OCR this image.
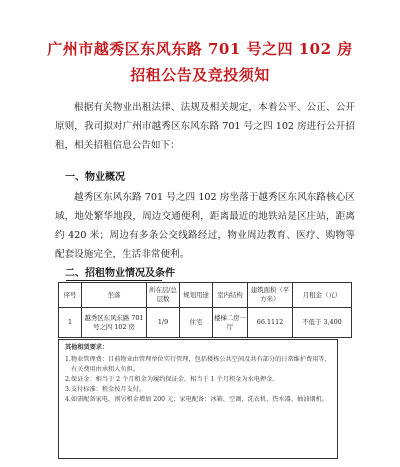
广州市越秀区东风东路 701 号之四 102 房
招租公告及竞投须知
根据有关物业出租法律、法规及相关规定，本着公平、公正、公开原则，我司拟对广州市越秀区东风东路 701 号之四 102 房进行公开招租，相关招租信息公告如下：
一、物业概况
越秀区东风东路 701 号之四 102 房坐落于越秀区东风东路核心区域，地处繁华地段，周边交通便利，距离最近的地铁站是区庄站，距离约 420 米；周边有多条公交线路经过，物业周边教育、医疗、购物等配套设施完全，生活非常便利。
二、招租物业情况及条件
序号	坐落	所在层/总层数	规划用途	室内结构	建筑面积（平方米）	月租金（元）
1	越秀区东风东路 701 号之四 102 房	1/9	住宅	楼梯二房一厅	66.1112	不低于 3,400
其他租赁要求：
1.物业管理费：目前物业由管理单位实行管理，包括楼栋公共空间及共有部分的日常维护费用等，有关费用由承租人负担。
2.保证金：相当于 2 个月租金为履约保证金，相当于 1 个月租金为水电押金。
3.支付标准：租金按月支付。
4.如需配备家电，则另租金增加 200 元；家电配备：冰箱、空调、洗衣机、热水器、抽油烟机。
